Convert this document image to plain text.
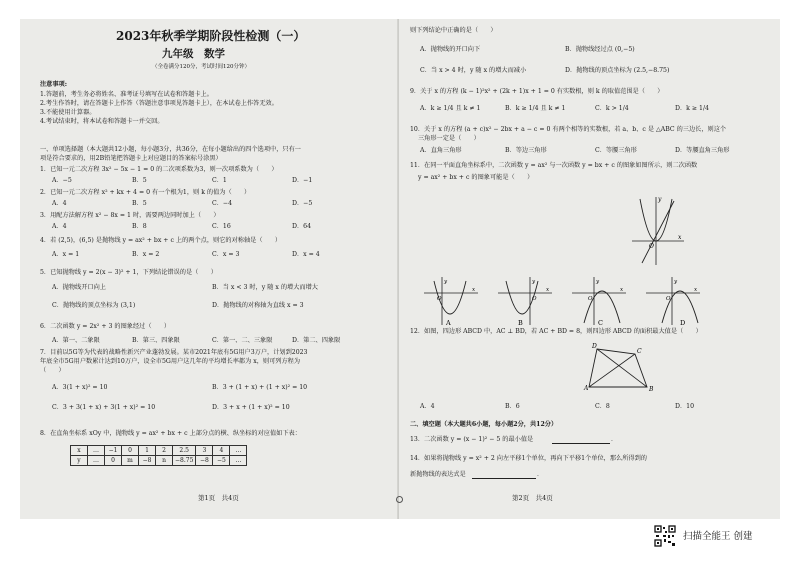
2023年秋季学期阶段性检测（一）
九年级　数学
（全卷满分120分，考试时间120分钟）
注意事项:
1.答题前，考生务必将姓名、准考证号填写在试卷和答题卡上。
2.考生作答时，请在答题卡上作答（答题注意事项见答题卡上），在本试卷上作答无效。
3.不能使用计算器。
4.考试结束时，将本试卷和答题卡一并交回。
一、单项选择题（本大题共12小题，每小题3分，共36分，在每小题给出的四个选项中，只有一
项是符合要求的，用2B铅笔把答题卡上对应题目的答案标号涂黑）
1．已知一元二次方程 3x² − 5x − 1 = 0 的二次项系数为3，则一次项系数为（　　）
A．−5	B．5	C．1	D．−1
2．已知一元二次方程 x² + kx + 4 = 0 有一个根为1，则 k 的值为（　　）
A．4	B．5	C．−4	D．−5
3．用配方法解方程 x² − 8x = 1 时，需要两边同时加上（　　）
A．4	B．8	C．16	D．64
4．若 (2,5)，(6,5) 是抛物线 y = ax² + bx + c 上的两个点，则它的对称轴是（　　）
A．x = 1	B．x = 2	C．x = 3	D．x = 4
5．已知抛物线 y = 2(x − 3)² + 1，下列结论错误的是（　　）
A．抛物线开口向上	B．当 x < 3 时，y 随 x 的增大而增大
C．抛物线的顶点坐标为 (3,1)	D．抛物线的对称轴为直线 x = 3
6．二次函数 y = 2x² + 3 的图象经过（　　）
A．第一、二象限	B．第三、四象限	C．第一、二、三象限	D．第二、四象限
7．目前以5G等为代表的战略性新兴产业蓬勃发展。某市2021年底有5G用户3万户，计划到2023
年底全市5G用户数累计达到10万户，设全市5G用户这几年的平均增长率都为 x，则可列方程为
（　　）
A．3(1 + x)² = 10	B．3 + (1 + x) + (1 + x)² = 10
C．3 + 3(1 + x) + 3(1 + x)² = 10	D．3 + x + (1 + x)² = 10
8．在直角坐标系 xOy 中，抛物线 y = ax² + bx + c 上部分点的横、纵坐标的对应值如下表：
x	…	−1	0	1	2	2.5	3	4	…
y	…	0	m	−8	n	−8.75	−8	−5	…
第1页　共4页
则下列结论中正确的是（　　）
A．抛物线的开口向下	B．抛物线经过点 (0,−5)
C．当 x > 4 时，y 随 x 的增大而减小	D．抛物线的顶点坐标为 (2.5,−8.75)
9．关于 x 的方程 (k − 1)²x² + (2k + 1)x + 1 = 0 有实数根，则 k 的取值范围是（　　）
A．k ≥ 1/4 且 k ≠ 1	B．k ≥ 1/4 且 k ≠ 1	C．k > 1/4	D．k ≥ 1/4
10．关于 x 的方程 (a + c)x² − 2bx + a − c = 0 有两个相等的实数根，若 a、b、c 是 △ABC 的三边长，则这个
三角形一定是（　　）
A．直角三角形	B．等边三角形	C．等腰三角形	D．等腰直角三角形
11．在同一平面直角坐标系中，二次函数 y = ax² 与一次函数 y = bx + c 的图象如图所示，则二次函数
y = ax² + bx + c 的图象可能是（　　）
y
x
O
y
x
O
A
y
x
O
B
y
x
O
C
y
x
O
D
12．如图，四边形 ABCD 中，AC ⊥ BD，若 AC + BD = 8，则四边形 ABCD 的面积最大值是（　　）
A	B
C
D
A．4	B．6	C．8	D．10
二、填空题（本大题共6小题，每小题2分，共12分）
13．二次函数 y = (x − 1)² − 5 的最小值是	．
14．如果将抛物线 y = x² + 2 向左平移1个单位，再向下平移1个单位，那么所得到的
新抛物线的表达式是	．
第2页　共4页
扫描全能王 创建
